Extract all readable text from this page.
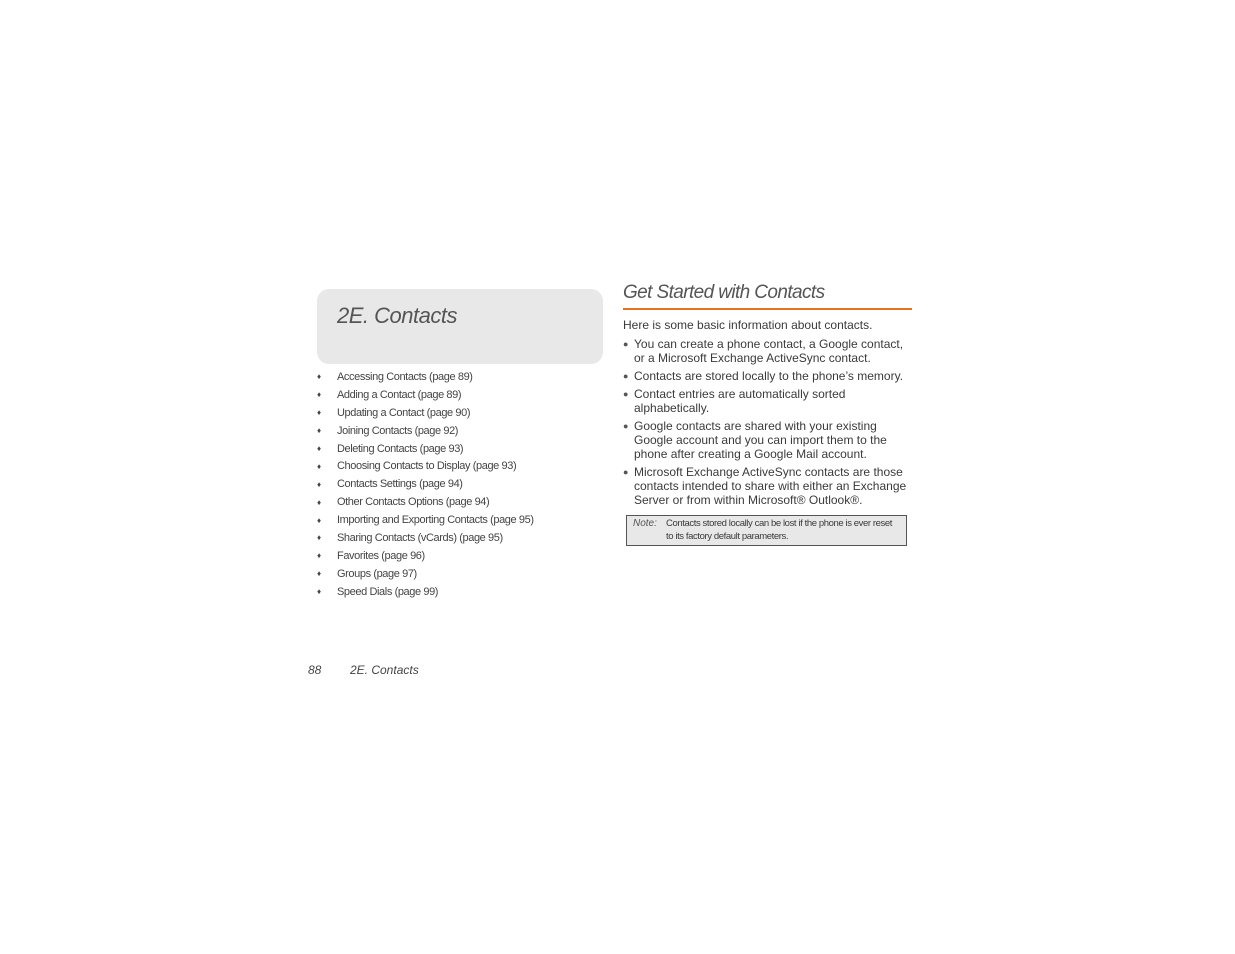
2E. Contacts
♦	Accessing Contacts (page 89)
♦	Adding a Contact (page 89)
♦	Updating a Contact (page 90)
♦	Joining Contacts (page 92)
♦	Deleting Contacts (page 93)
♦	Choosing Contacts to Display (page 93)
♦	Contacts Settings (page 94)
♦	Other Contacts Options (page 94)
♦	Importing and Exporting Contacts (page 95)
♦	Sharing Contacts (vCards) (page 95)
♦	Favorites (page 96)
♦	Groups (page 97)
♦	Speed Dials (page 99)
Get Started with Contacts

Here is some basic information about contacts.

● You can create a phone contact, a Google contact, or a Microsoft Exchange ActiveSync contact.
● Contacts are stored locally to the phone’s memory.
● Contact entries are automatically sorted alphabetically.
● Google contacts are shared with your existing Google account and you can import them to the phone after creating a Google Mail account.
● Microsoft Exchange ActiveSync contacts are those contacts intended to share with either an Exchange Server or from within Microsoft® Outlook®.
Note: Contacts stored locally can be lost if the phone is ever reset to its factory default parameters.
88 2E. Contacts
